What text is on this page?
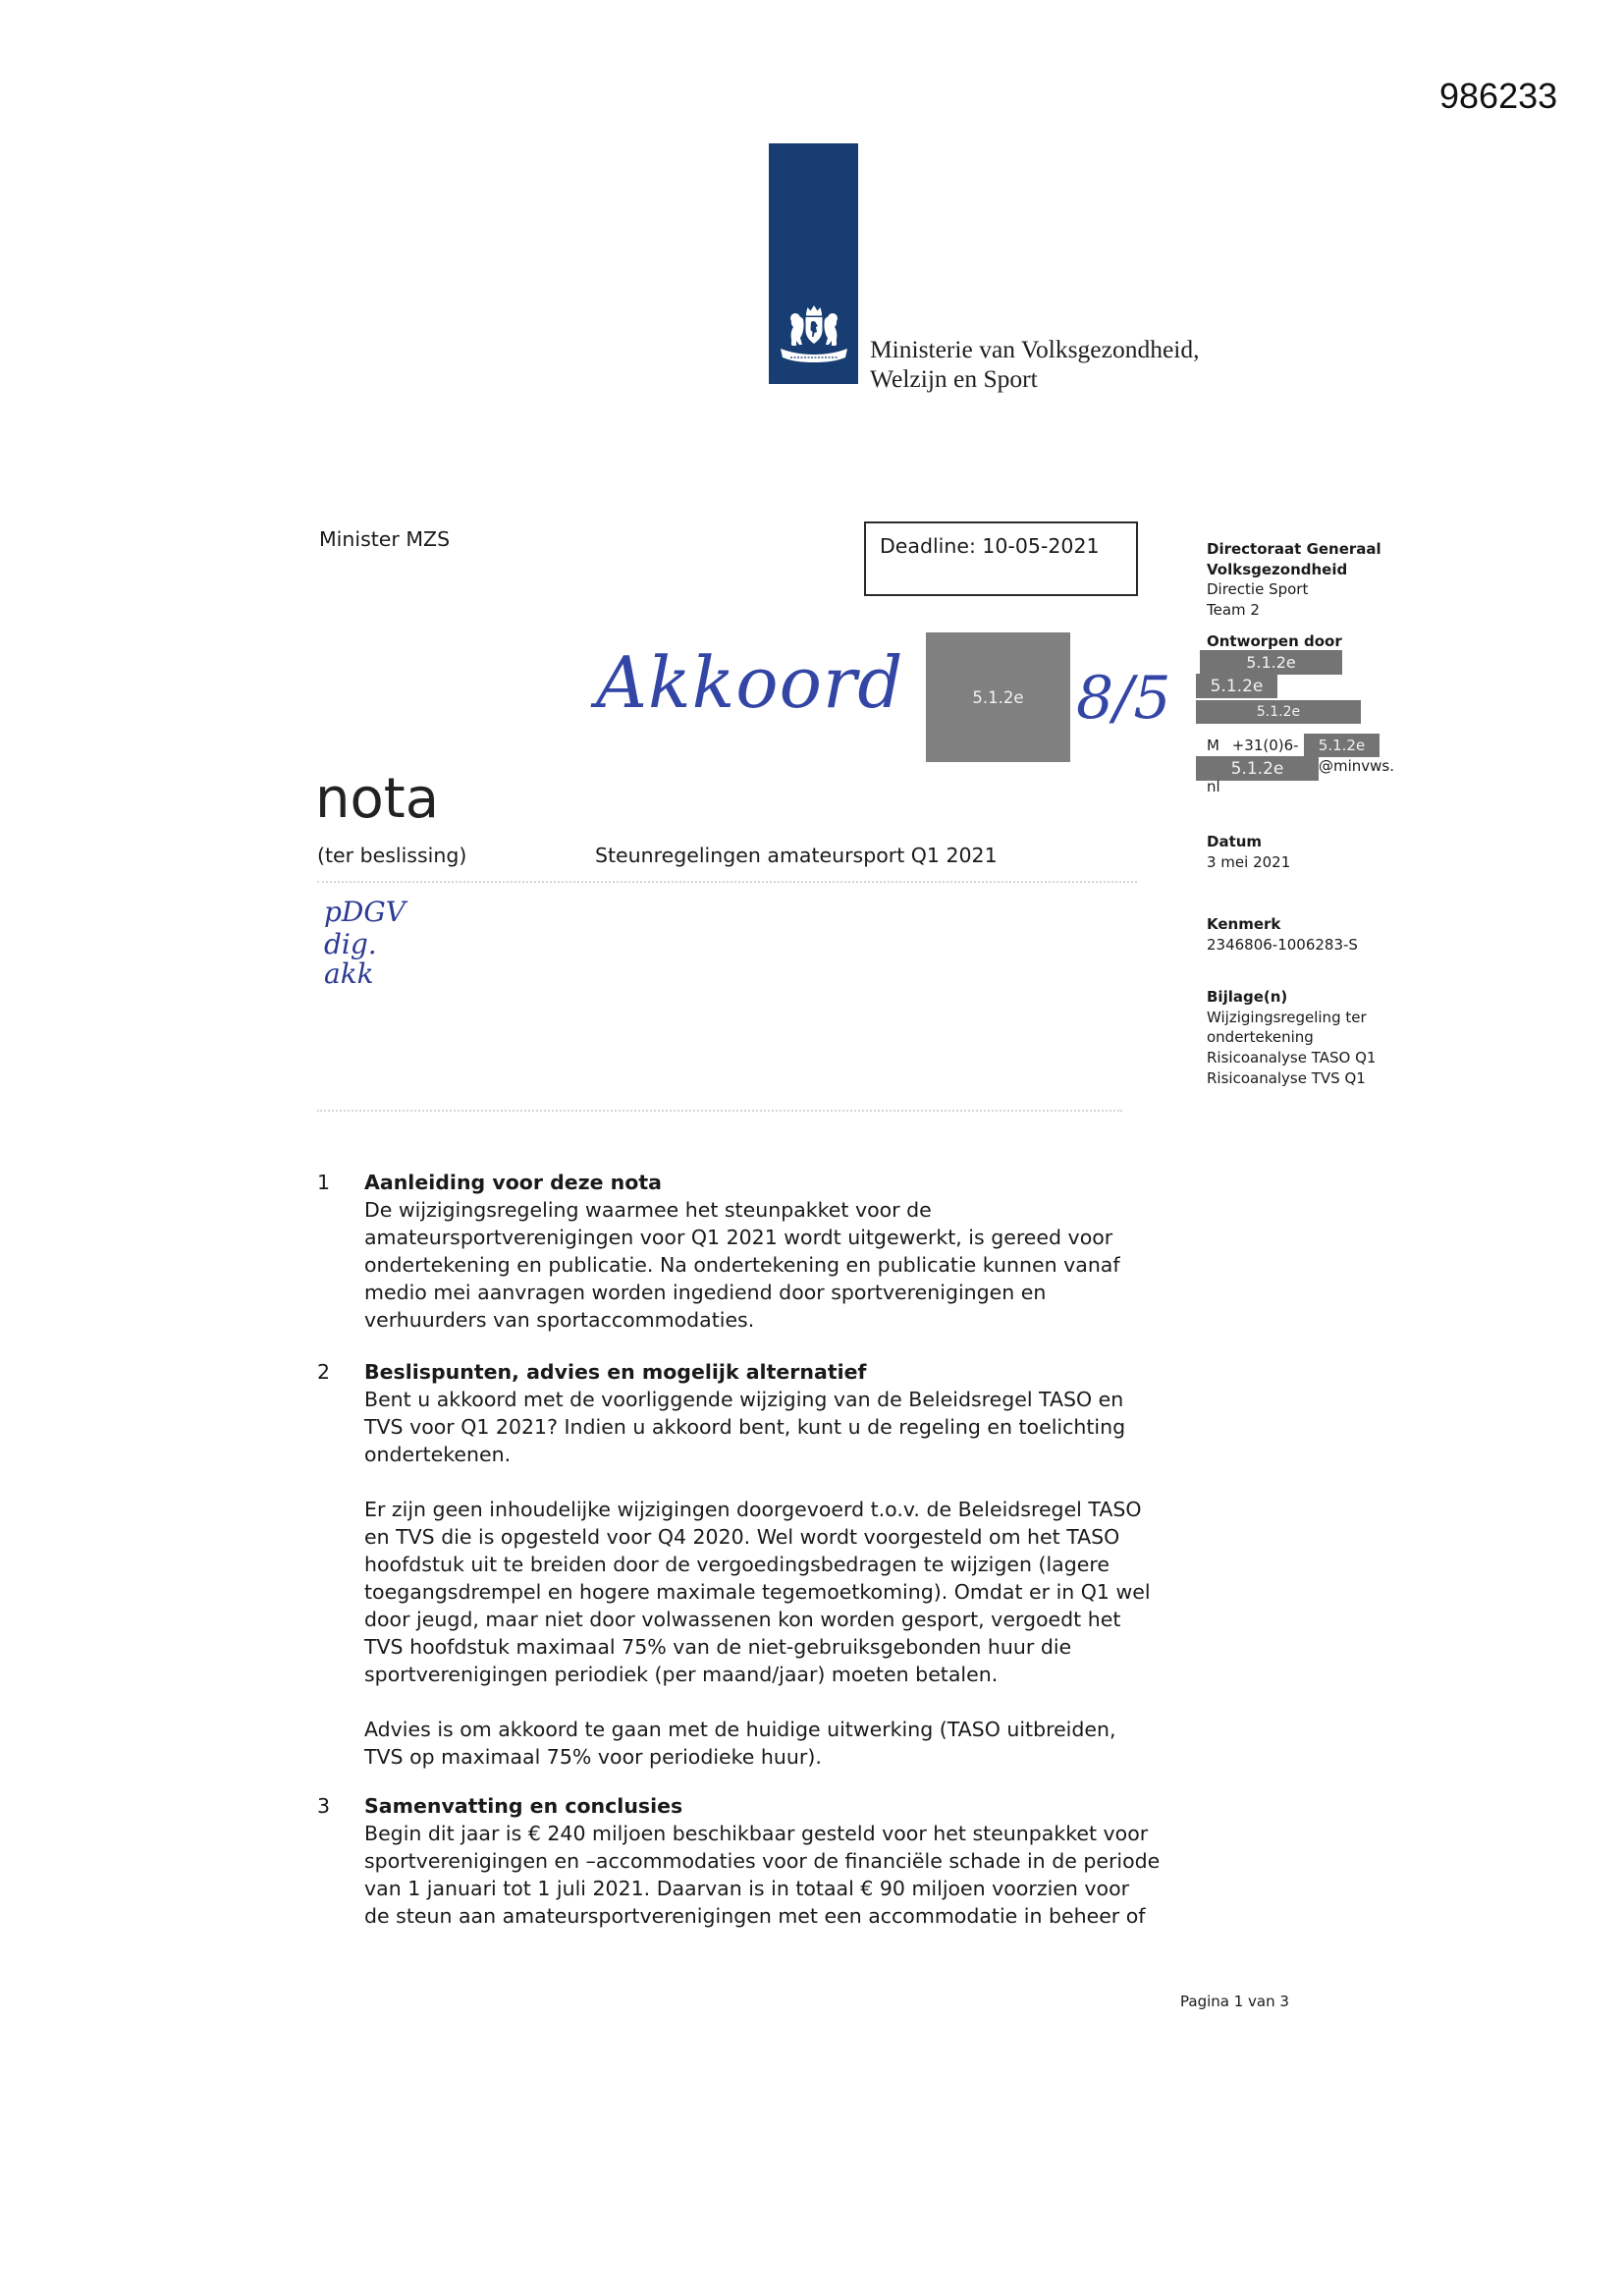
986233
Ministerie van Volksgezondheid,
Welzijn en Sport
Minister MZS	Deadline: 10-05-2021
Akkoord	5.1.2e 8/5
nota
(ter beslissing)	Steunregelingen amateursport Q1 2021
pDGV
dig.
akk
Directoraat Generaal
Volksgezondheid
Directie Sport
Team 2
Ontworpen door
5.1.2e
5.1.2e
5.1.2e
M +31(0)6-	5.1.2e
5.1.2e	@minvws.
nl
Datum
3 mei 2021
Kenmerk
2346806-1006283-S
Bijlage(n)
Wijzigingsregeling ter
ondertekening
Risicoanalyse TASO Q1
Risicoanalyse TVS Q1
1 Aanleiding voor deze nota
De wijzigingsregeling waarmee het steunpakket voor de
amateursportverenigingen voor Q1 2021 wordt uitgewerkt, is gereed voor
ondertekening en publicatie. Na ondertekening en publicatie kunnen vanaf
medio mei aanvragen worden ingediend door sportverenigingen en
verhuurders van sportaccommodaties.
2 Beslispunten, advies en mogelijk alternatief
Bent u akkoord met de voorliggende wijziging van de Beleidsregel TASO en
TVS voor Q1 2021? Indien u akkoord bent, kunt u de regeling en toelichting
ondertekenen.
Er zijn geen inhoudelijke wijzigingen doorgevoerd t.o.v. de Beleidsregel TASO
en TVS die is opgesteld voor Q4 2020. Wel wordt voorgesteld om het TASO
hoofdstuk uit te breiden door de vergoedingsbedragen te wijzigen (lagere
toegangsdrempel en hogere maximale tegemoetkoming). Omdat er in Q1 wel
door jeugd, maar niet door volwassenen kon worden gesport, vergoedt het
TVS hoofdstuk maximaal 75% van de niet-gebruiksgebonden huur die
sportverenigingen periodiek (per maand/jaar) moeten betalen.
Advies is om akkoord te gaan met de huidige uitwerking (TASO uitbreiden,
TVS op maximaal 75% voor periodieke huur).
3 Samenvatting en conclusies
Begin dit jaar is € 240 miljoen beschikbaar gesteld voor het steunpakket voor
sportverenigingen en –accommodaties voor de financiële schade in de periode
van 1 januari tot 1 juli 2021. Daarvan is in totaal € 90 miljoen voorzien voor
de steun aan amateursportverenigingen met een accommodatie in beheer of
Pagina 1 van 3
